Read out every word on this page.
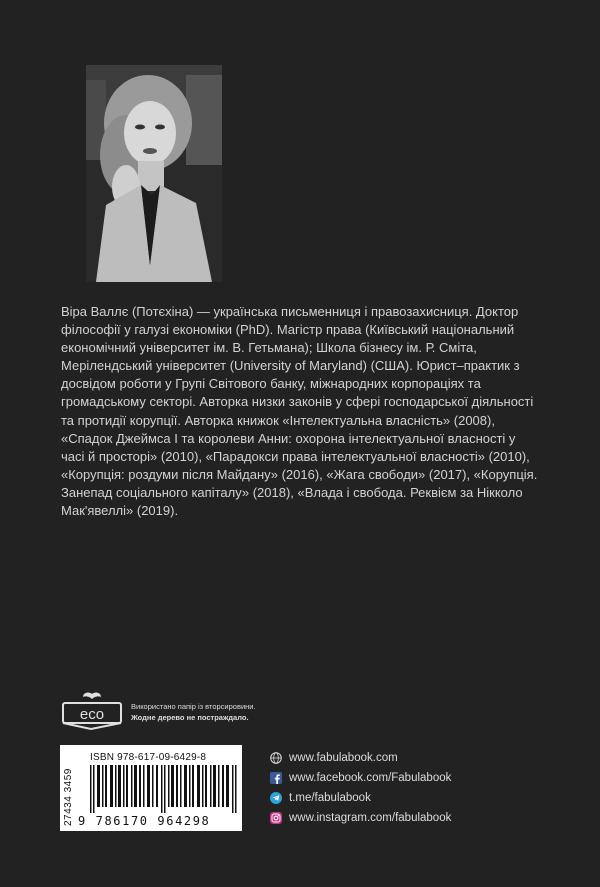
Віра Валлє (Потєхіна) — українська письменниця і правозахисниця. Доктор філософії у галузі економіки (PhD). Магістр права (Київський національний економічний університет ім. В. Гетьмана); Школа бізнесу ім. Р. Сміта, Мерілендський університет (University of Maryland) (США). Юрист–практик з досвідом роботи у Групі Світового банку, міжнародних корпораціях та громадському секторі. Авторка низки законів у сфері господарської діяльності та протидії корупції. Авторка книжок «Інтелектуальна власність» (2008), «Спадок Джеймса І та королеви Анни: охорона інтелектуальної власності у часі й просторі» (2010), «Парадокси права інтелектуальної власності» (2010), «Корупція: роздуми після Майдану» (2016), «Жага свободи» (2017), «Корупція. Занепад соціального капіталу» (2018), «Влада і свобода. Реквієм за Нікколо Мак'явеллі» (2019).

eco	Використано папір із вторсировини.
Жодне дерево не постраждало.
27434 3459
ISBN 978-617-09-6429-8
9 786170 964298
www.fabulabook.com
www.facebook.com/Fabulabook
t.me/fabulabook
www.instagram.com/fabulabook
